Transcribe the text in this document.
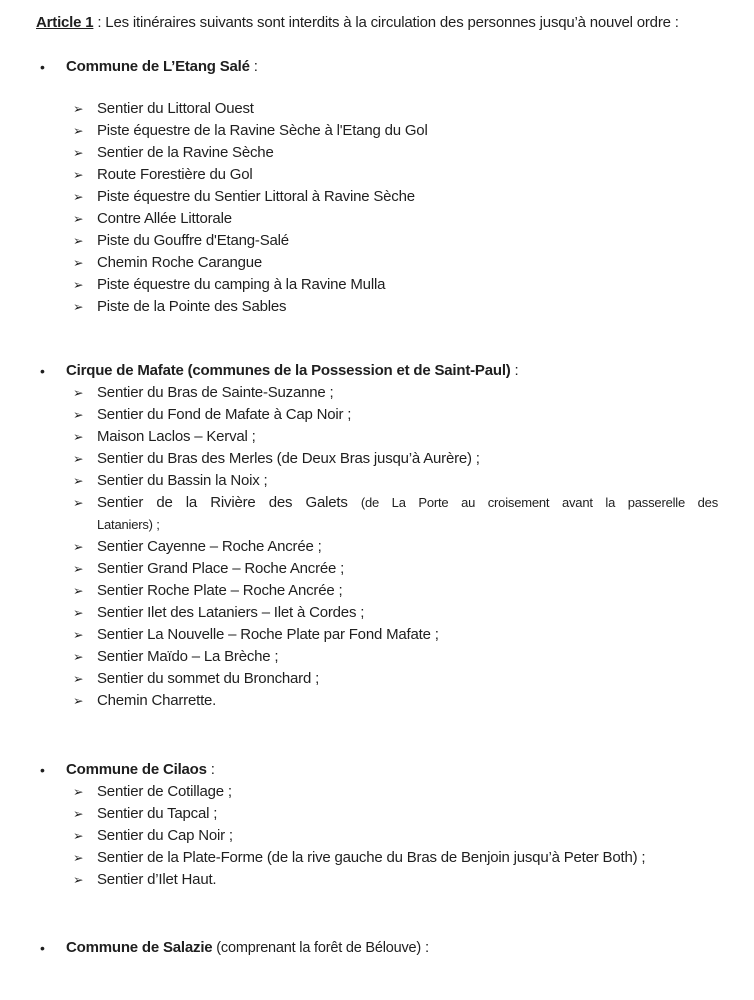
Article 1 : Les itinéraires suivants sont interdits à la circulation des personnes jusqu’à nouvel ordre :

•	Commune de L’Etang Salé :
➢ Sentier du Littoral Ouest
➢ Piste équestre de la Ravine Sèche à l'Etang du Gol
➢ Sentier de la Ravine Sèche
➢ Route Forestière du Gol
➢ Piste équestre du Sentier Littoral à Ravine Sèche
➢ Contre Allée Littorale
➢ Piste du Gouffre d'Etang-Salé
➢ Chemin Roche Carangue
➢ Piste équestre du camping à la Ravine Mulla
➢ Piste de la Pointe des Sables
•	Cirque de Mafate (communes de la Possession et de Saint-Paul) :
➢ Sentier du Bras de Sainte-Suzanne ;
➢ Sentier du Fond de Mafate à Cap Noir ;
➢ Maison Laclos – Kerval ;
➢ Sentier du Bras des Merles (de Deux Bras jusqu’à Aurère) ;
➢ Sentier du Bassin la Noix ;
➢ Sentier de la Rivière des Galets (de La Porte au croisement avant la passerelle des
Lataniers) ;
➢ Sentier Cayenne – Roche Ancrée ;
➢ Sentier Grand Place – Roche Ancrée ;
➢ Sentier Roche Plate – Roche Ancrée ;
➢ Sentier Ilet des Lataniers – Ilet à Cordes ;
➢ Sentier La Nouvelle – Roche Plate par Fond Mafate ;
➢ Sentier Maïdo – La Brèche ;
➢ Sentier du sommet du Bronchard ;
➢ Chemin Charrette.
•	Commune de Cilaos :
➢ Sentier de Cotillage ;
➢ Sentier du Tapcal ;
➢ Sentier du Cap Noir ;
➢ Sentier de la Plate-Forme (de la rive gauche du Bras de Benjoin jusqu’à Peter Both) ;
➢ Sentier d’Ilet Haut.
•	Commune de Salazie (comprenant la forêt de Bélouve) :
